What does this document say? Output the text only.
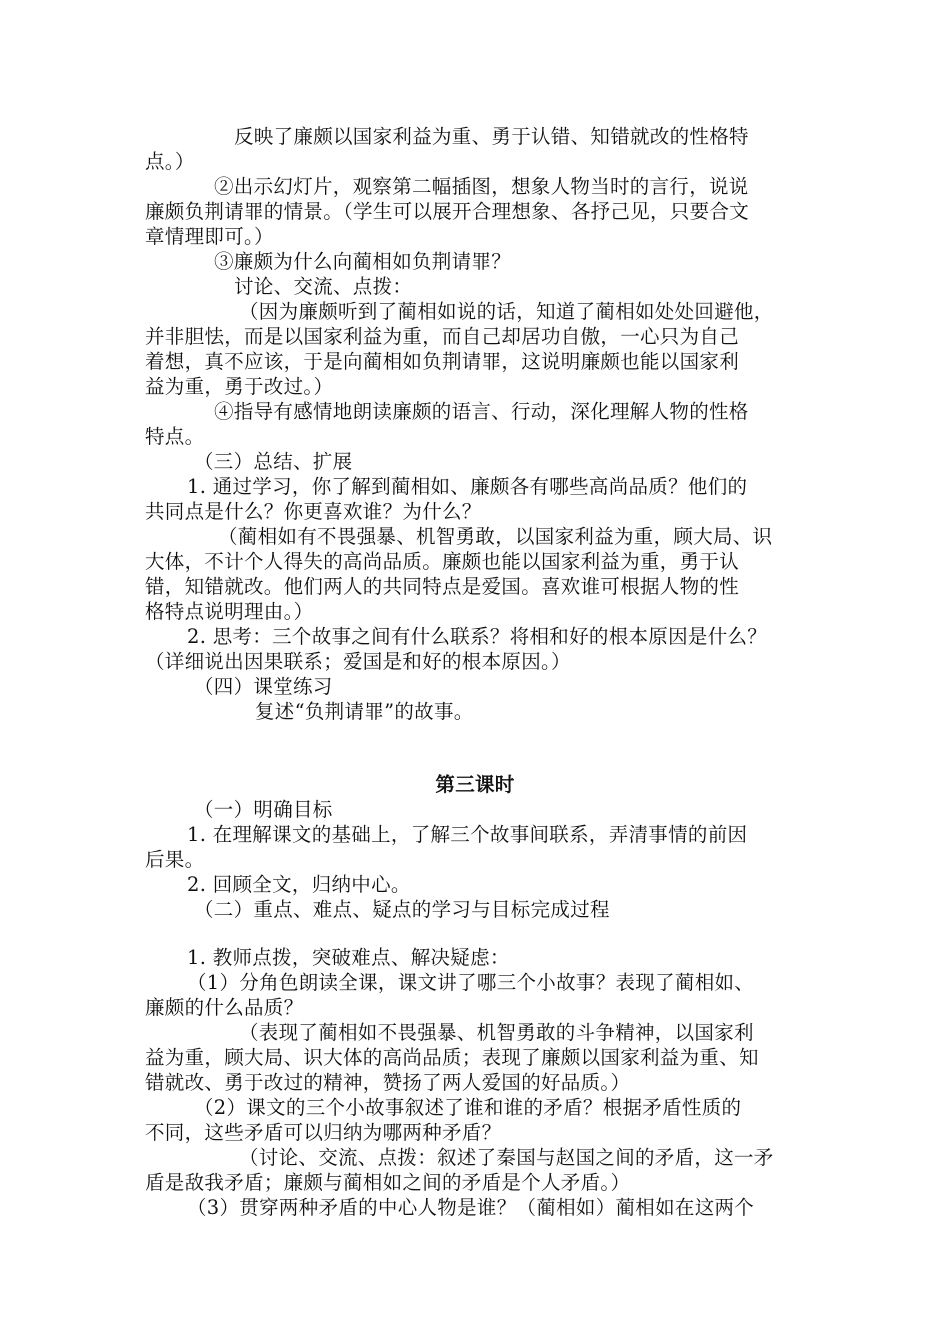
反映了廉颇以国家利益为重、勇于认错、知错就改的性格特
点。）
②出示幻灯片，观察第二幅插图，想象人物当时的言行，说说
廉颇负荆请罪的情景。（学生可以展开合理想象、各抒己见，只要合文
章情理即可。）
③廉颇为什么向蔺相如负荆请罪？
讨论、交流、点拨：
（因为廉颇听到了蔺相如说的话，知道了蔺相如处处回避他，
并非胆怯，而是以国家利益为重，而自己却居功自傲，一心只为自己
着想，真不应该，于是向蔺相如负荆请罪，这说明廉颇也能以国家利
益为重，勇于改过。）
④指导有感情地朗读廉颇的语言、行动，深化理解人物的性格
特点。
（三）总结、扩展
1. 通过学习，你了解到蔺相如、廉颇各有哪些高尚品质？他们的
共同点是什么？你更喜欢谁？为什么？
（蔺相如有不畏强暴、机智勇敢，以国家利益为重，顾大局、识
大体，不计个人得失的高尚品质。廉颇也能以国家利益为重，勇于认
错，知错就改。他们两人的共同特点是爱国。喜欢谁可根据人物的性
格特点说明理由。）
2. 思考：三个故事之间有什么联系？将相和好的根本原因是什么？
（详细说出因果联系；爱国是和好的根本原因。）
（四）课堂练习
复述“负荆请罪”的故事。
第三课时
（一）明确目标
1. 在理解课文的基础上，了解三个故事间联系，弄清事情的前因
后果。
2. 回顾全文，归纳中心。
（二）重点、难点、疑点的学习与目标完成过程
1. 教师点拨，突破难点、解决疑虑：
（1）分角色朗读全课，课文讲了哪三个小故事？表现了蔺相如、
廉颇的什么品质？
（表现了蔺相如不畏强暴、机智勇敢的斗争精神，以国家利
益为重，顾大局、识大体的高尚品质；表现了廉颇以国家利益为重、知
错就改、勇于改过的精神，赞扬了两人爱国的好品质。）
（2）课文的三个小故事叙述了谁和谁的矛盾？根据矛盾性质的
不同，这些矛盾可以归纳为哪两种矛盾？
（讨论、交流、点拨：叙述了秦国与赵国之间的矛盾，这一矛
盾是敌我矛盾；廉颇与蔺相如之间的矛盾是个人矛盾。）
（3）贯穿两种矛盾的中心人物是谁？（蔺相如）蔺相如在这两个
